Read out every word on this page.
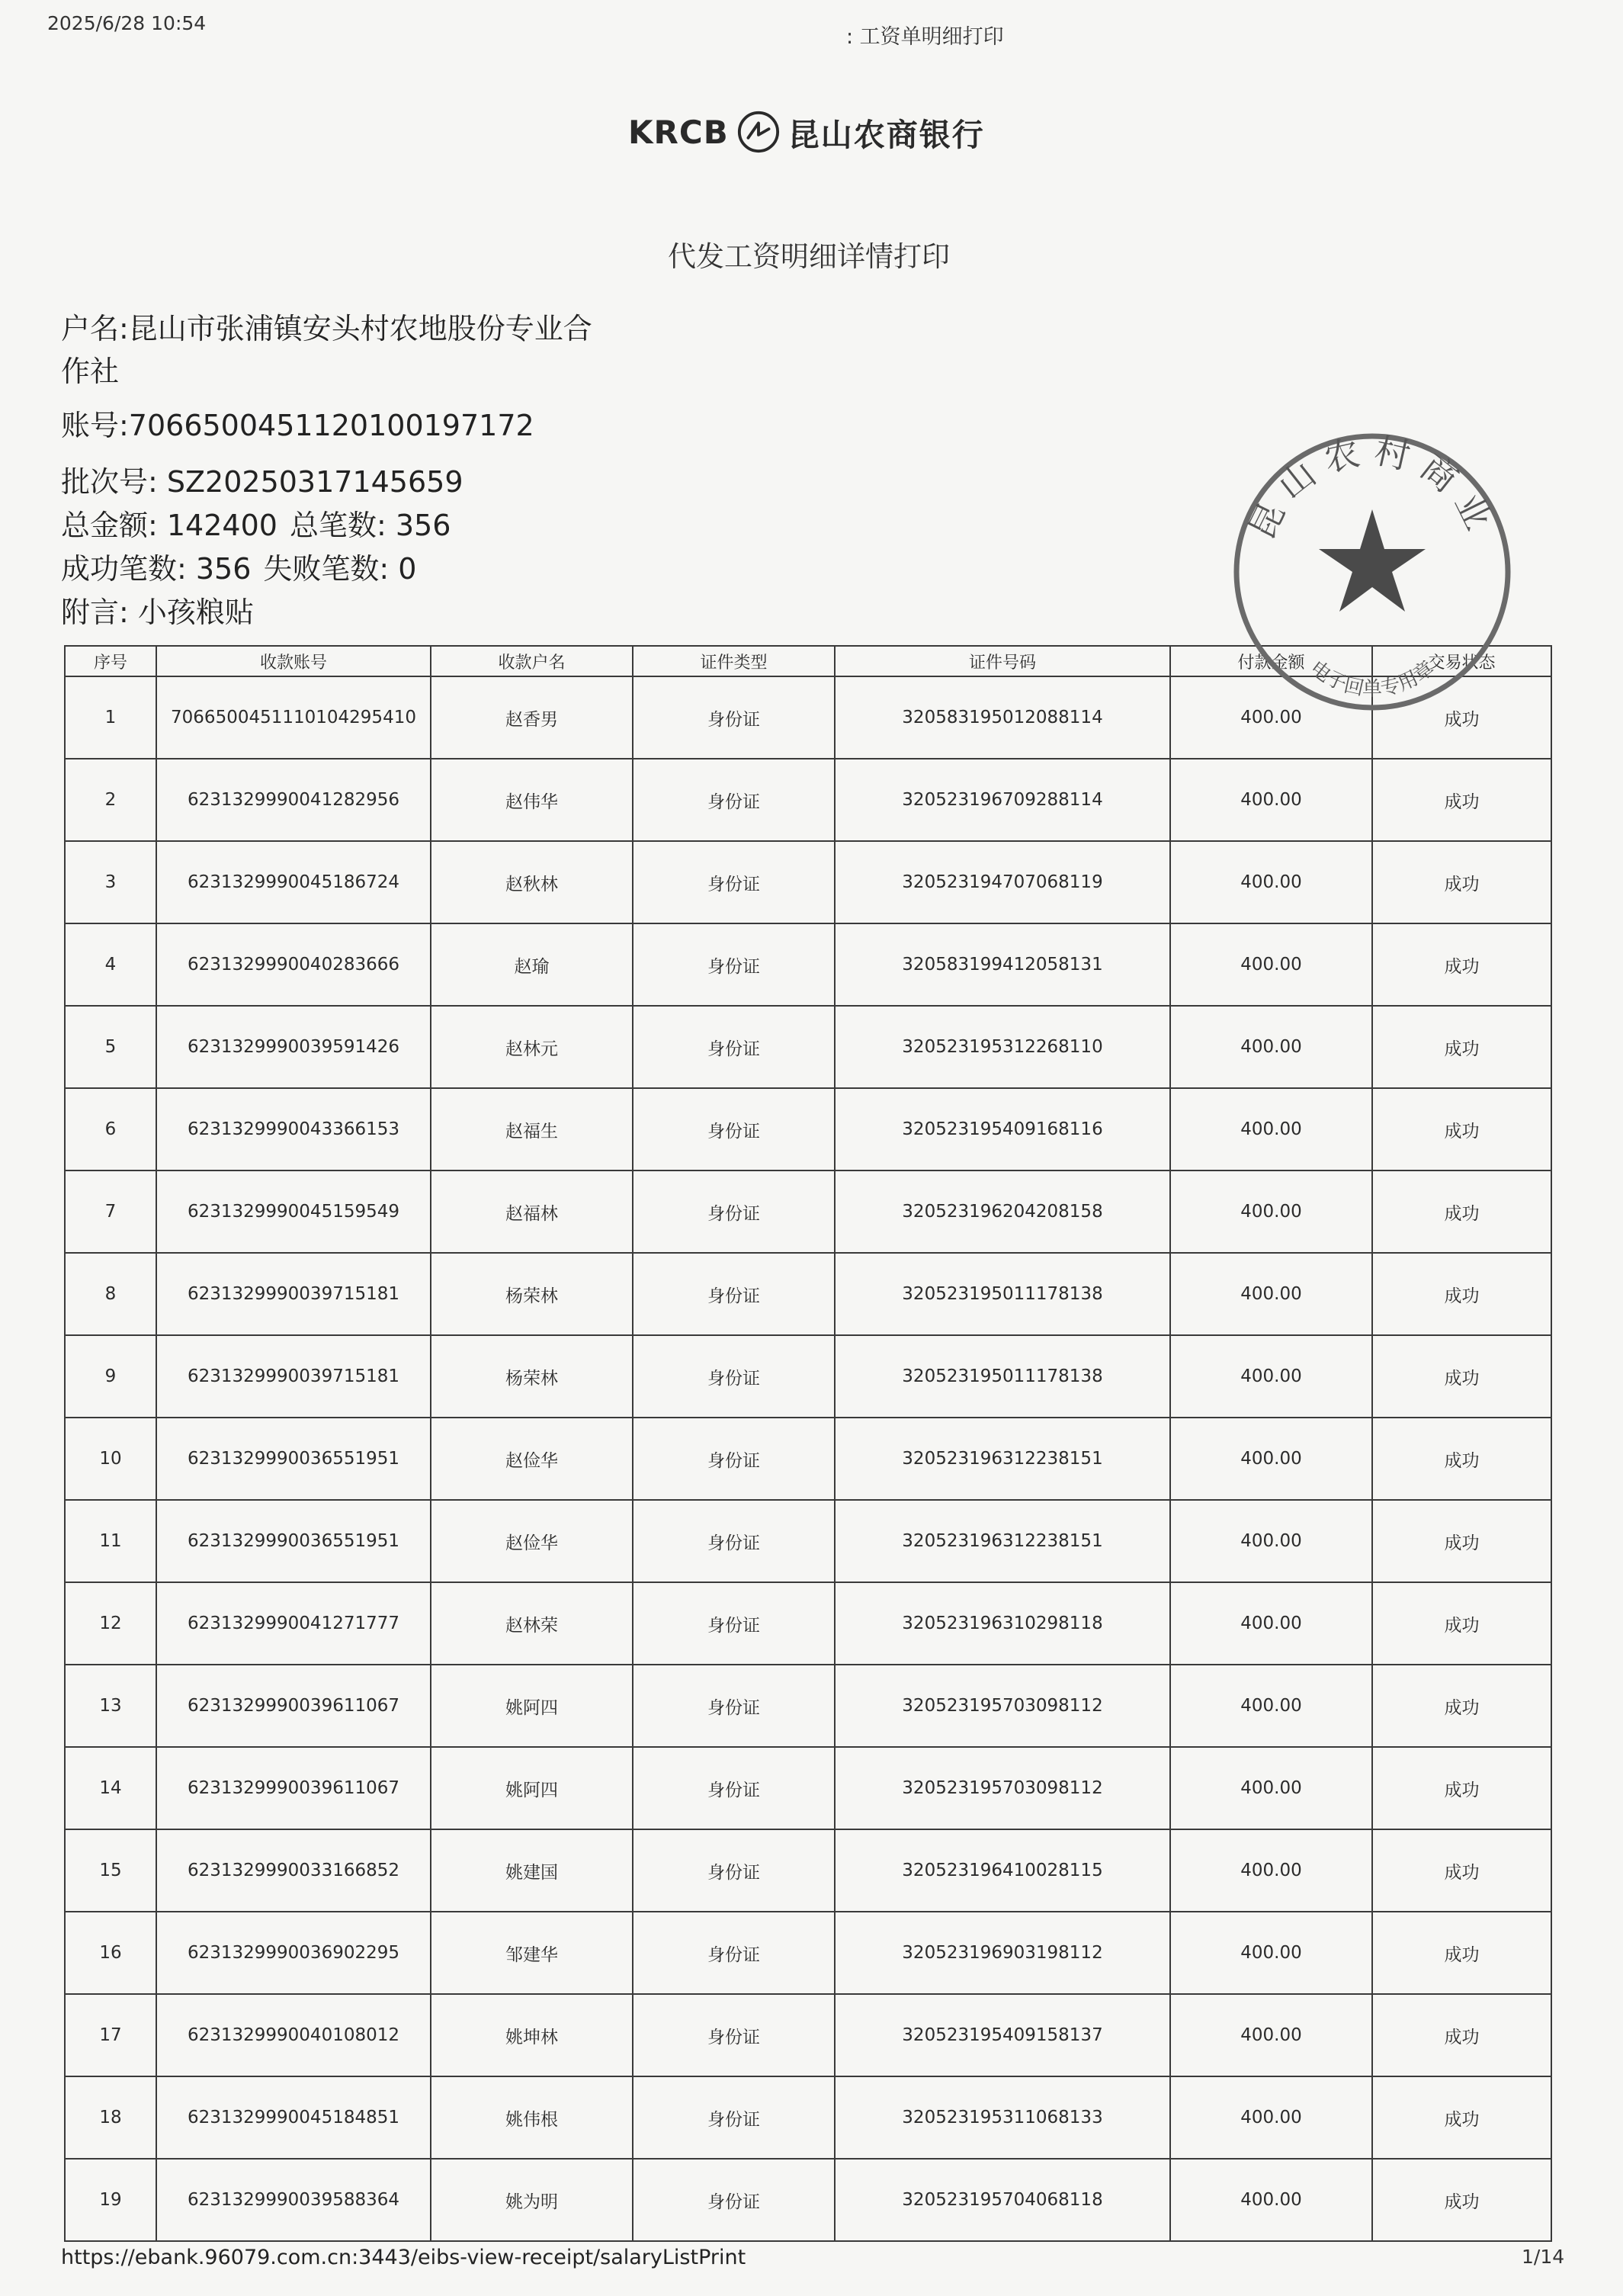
2025/6/28 10:54
: 工资单明细打印
KRCB 昆山农商银行
代发工资明细详情打印
户名:昆山市张浦镇安头村农地股份专业合作社
账号:70665004511201001971​72
批次号: SZ20250317145659
总金额: 142400 总笔数: 356
成功笔数: 356 失败笔数: 0
附言: 小孩粮贴
序号	收款账号	收款户名	证件类型	证件号码	付款金额	交易状态
1	70665004511101042954​10	赵香男	身份证	320583195012088114	400.00	成功
2	6231329990041282956	赵伟华	身份证	320523196709288114	400.00	成功
3	6231329990045186724	赵秋林	身份证	320523194707068119	400.00	成功
4	6231329990040283666	赵瑜	身份证	320583199412058131	400.00	成功
5	6231329990039591426	赵林元	身份证	320523195312268110	400.00	成功
6	6231329990043366153	赵福生	身份证	320523195409168116	400.00	成功
7	6231329990045159549	赵福林	身份证	320523196204208158	400.00	成功
8	6231329990039715181	杨荣林	身份证	320523195011178138	400.00	成功
9	6231329990039715181	杨荣林	身份证	320523195011178138	400.00	成功
10	6231329990036551951	赵俭华	身份证	320523196312238151	400.00	成功
11	6231329990036551951	赵俭华	身份证	320523196312238151	400.00	成功
12	6231329990041271777	赵林荣	身份证	320523196310298118	400.00	成功
13	6231329990039611067	姚阿四	身份证	320523195703098112	400.00	成功
14	6231329990039611067	姚阿四	身份证	320523195703098112	400.00	成功
15	6231329990033166852	姚建国	身份证	320523196410028115	400.00	成功
16	6231329990036902295	邹建华	身份证	320523196903198112	400.00	成功
17	6231329990040108012	姚坤林	身份证	320523195409158137	400.00	成功
18	6231329990045184851	姚伟根	身份证	320523195311068133	400.00	成功
19	6231329990039588364	姚为明	身份证	320523195704068118	400.00	成功
昆山农村商业
电子回单专用章
https://ebank.96079.com.cn:3443/eibs-view-receipt/salaryListPrint	1/14
